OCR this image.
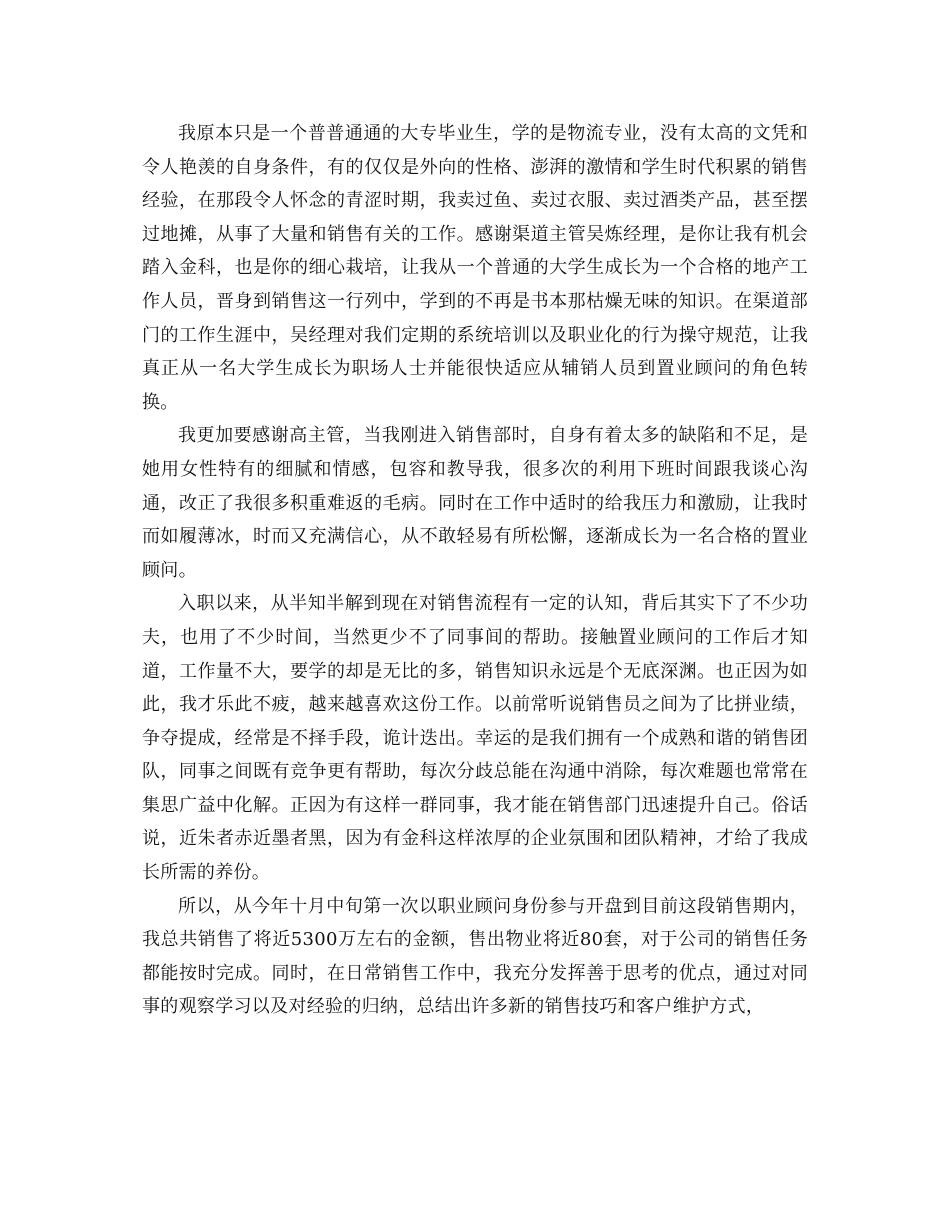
我原本只是一个普普通通的大专毕业生，学的是物流专业，没有太高的文凭和令人艳羡的自身条件，有的仅仅是外向的性格、澎湃的激情和学生时代积累的销售经验，在那段令人怀念的青涩时期，我卖过鱼、卖过衣服、卖过酒类产品，甚至摆过地摊，从事了大量和销售有关的工作。感谢渠道主管吴炼经理，是你让我有机会踏入金科，也是你的细心栽培，让我从一个普通的大学生成长为一个合格的地产工作人员，晋身到销售这一行列中，学到的不再是书本那枯燥无味的知识。在渠道部门的工作生涯中，吴经理对我们定期的系统培训以及职业化的行为操守规范，让我真正从一名大学生成长为职场人士并能很快适应从辅销人员到置业顾问的角色转换。

我更加要感谢高主管，当我刚进入销售部时，自身有着太多的缺陷和不足，是她用女性特有的细腻和情感，包容和教导我，很多次的利用下班时间跟我谈心沟通，改正了我很多积重难返的毛病。同时在工作中适时的给我压力和激励，让我时而如履薄冰，时而又充满信心，从不敢轻易有所松懈，逐渐成长为一名合格的置业顾问。

入职以来，从半知半解到现在对销售流程有一定的认知，背后其实下了不少功夫，也用了不少时间，当然更少不了同事间的帮助。接触置业顾问的工作后才知道，工作量不大，要学的却是无比的多，销售知识永远是个无底深渊。也正因为如此，我才乐此不疲，越来越喜欢这份工作。以前常听说销售员之间为了比拼业绩，争夺提成，经常是不择手段，诡计迭出。幸运的是我们拥有一个成熟和谐的销售团队，同事之间既有竞争更有帮助，每次分歧总能在沟通中消除，每次难题也常常在集思广益中化解。正因为有这样一群同事，我才能在销售部门迅速提升自己。俗话说，近朱者赤近墨者黑，因为有金科这样浓厚的企业氛围和团队精神，才给了我成长所需的养份。

所以，从今年十月中旬第一次以职业顾问身份参与开盘到目前这段销售期内，我总共销售了将近5300万左右的金额，售出物业将近80套，对于公司的销售任务都能按时完成。同时，在日常销售工作中，我充分发挥善于思考的优点，通过对同事的观察学习以及对经验的归纳，总结出许多新的销售技巧和客户维护方式，
